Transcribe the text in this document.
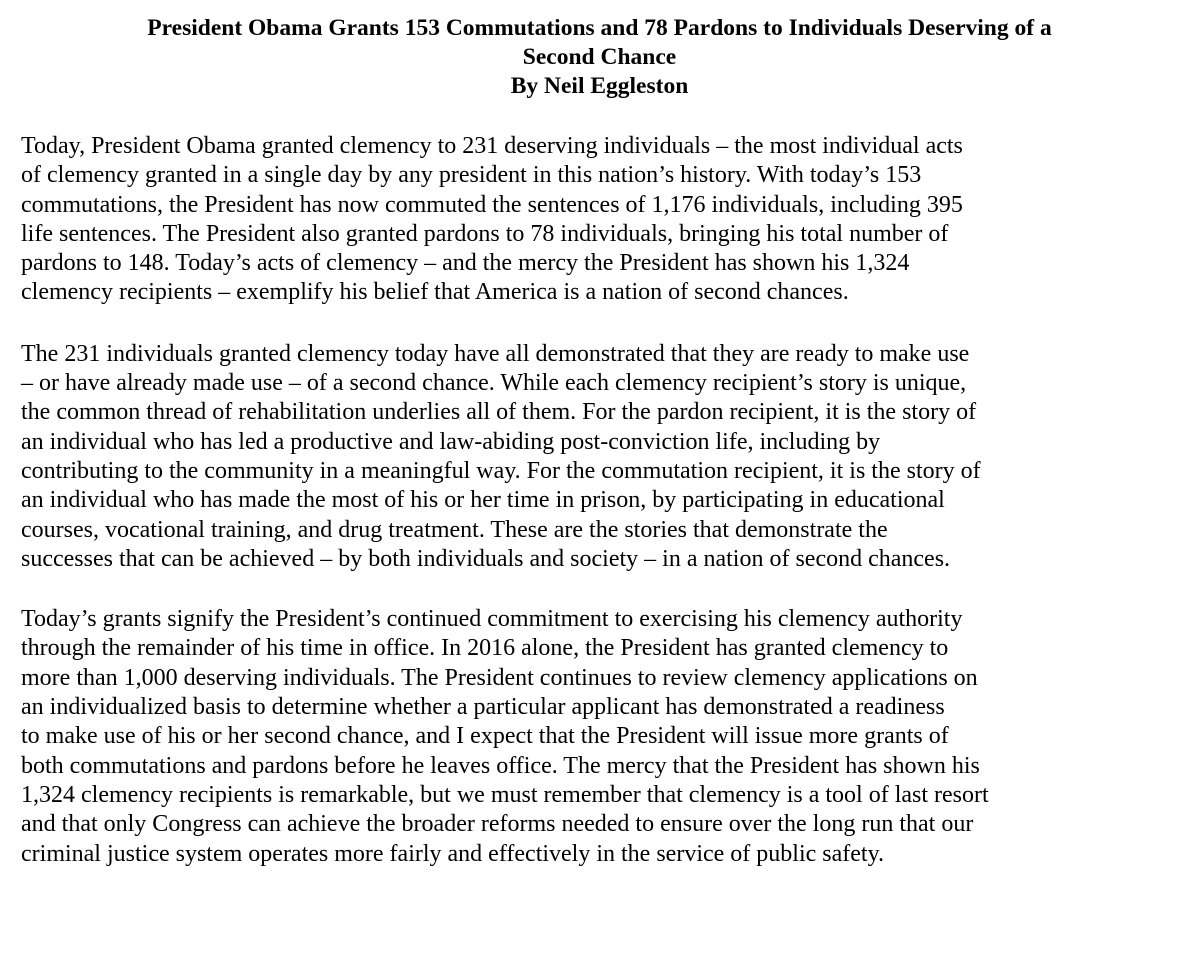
President Obama Grants 153 Commutations and 78 Pardons to Individuals Deserving of a
Second Chance
By Neil Eggleston

Today, President Obama granted clemency to 231 deserving individuals – the most individual acts
of clemency granted in a single day by any president in this nation’s history. With today’s 153
commutations, the President has now commuted the sentences of 1,176 individuals, including 395
life sentences. The President also granted pardons to 78 individuals, bringing his total number of
pardons to 148. Today’s acts of clemency – and the mercy the President has shown his 1,324
clemency recipients – exemplify his belief that America is a nation of second chances.

The 231 individuals granted clemency today have all demonstrated that they are ready to make use
– or have already made use – of a second chance. While each clemency recipient’s story is unique,
the common thread of rehabilitation underlies all of them. For the pardon recipient, it is the story of
an individual who has led a productive and law-abiding post-conviction life, including by
contributing to the community in a meaningful way. For the commutation recipient, it is the story of
an individual who has made the most of his or her time in prison, by participating in educational
courses, vocational training, and drug treatment. These are the stories that demonstrate the
successes that can be achieved – by both individuals and society – in a nation of second chances.

Today’s grants signify the President’s continued commitment to exercising his clemency authority
through the remainder of his time in office. In 2016 alone, the President has granted clemency to
more than 1,000 deserving individuals. The President continues to review clemency applications on
an individualized basis to determine whether a particular applicant has demonstrated a readiness
to make use of his or her second chance, and I expect that the President will issue more grants of
both commutations and pardons before he leaves office. The mercy that the President has shown his
1,324 clemency recipients is remarkable, but we must remember that clemency is a tool of last resort
and that only Congress can achieve the broader reforms needed to ensure over the long run that our
criminal justice system operates more fairly and effectively in the service of public safety.
